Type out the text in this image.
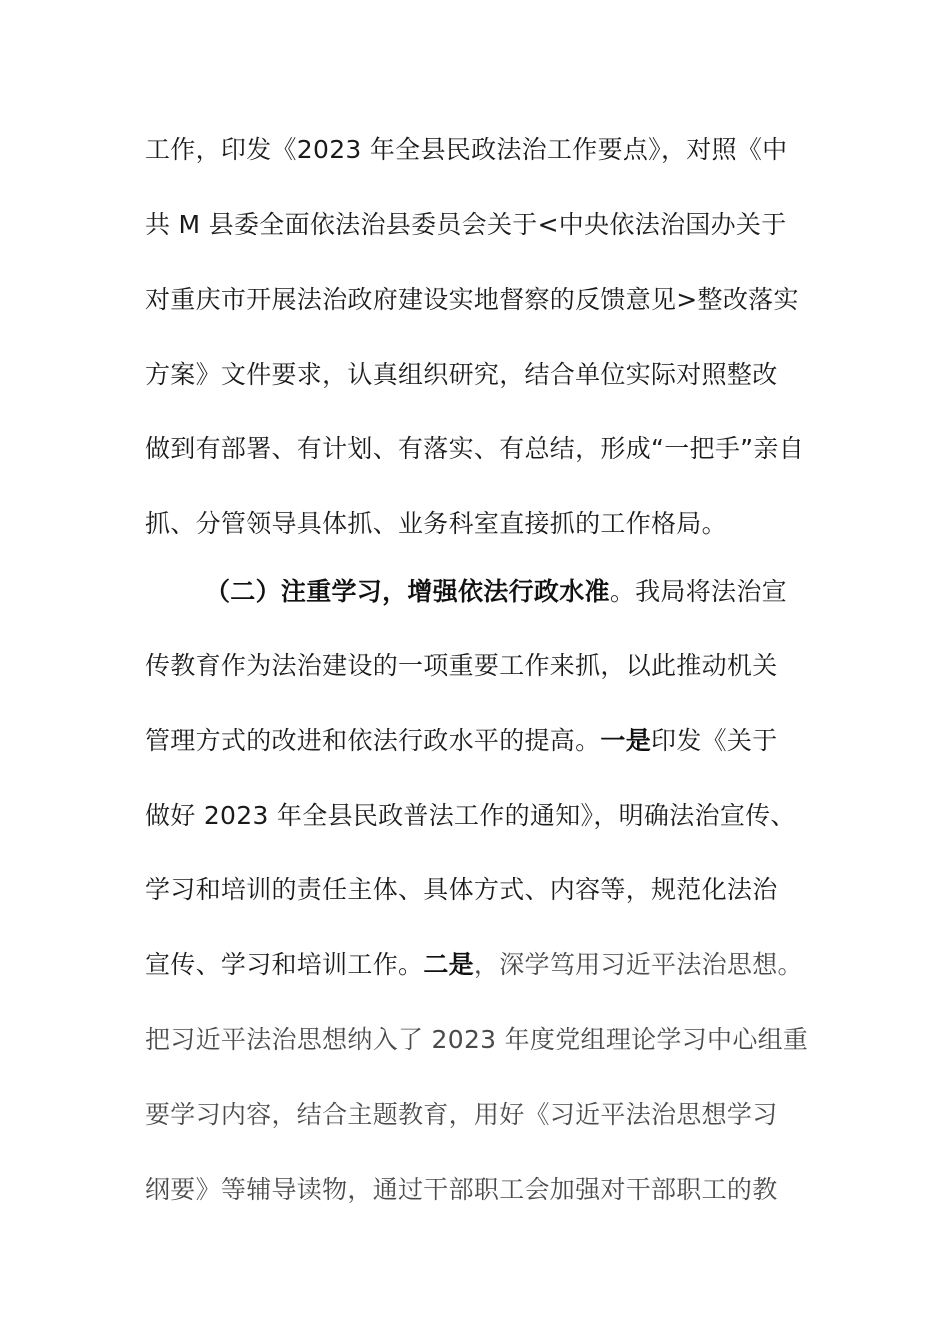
工作，印发《2023 年全县民政法治工作要点》，对照《中
共 M 县委全面依法治县委员会关于<中央依法治国办关于
对重庆市开展法治政府建设实地督察的反馈意见>整改落实
方案》文件要求，认真组织研究，结合单位实际对照整改
做到有部署、有计划、有落实、有总结，形成“一把手”亲自
抓、分管领导具体抓、业务科室直接抓的工作格局。
（二）注重学习，增强依法行政水准。我局将法治宣
传教育作为法治建设的一项重要工作来抓，以此推动机关
管理方式的改进和依法行政水平的提高。一是印发《关于
做好 2023 年全县民政普法工作的通知》，明确法治宣传、
学习和培训的责任主体、具体方式、内容等，规范化法治
宣传、学习和培训工作。二是，深学笃用习近平法治思想。
把习近平法治思想纳入了 2023 年度党组理论学习中心组重
要学习内容，结合主题教育，用好《习近平法治思想学习
纲要》等辅导读物，通过干部职工会加强对干部职工的教
